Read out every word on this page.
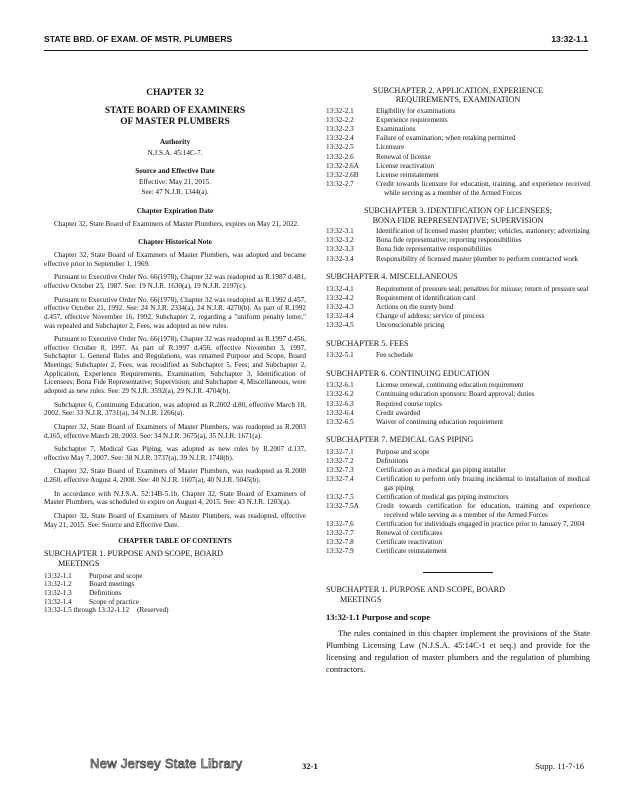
STATE BRD. OF EXAM. OF MSTR. PLUMBERS	13:32-1.1
CHAPTER 32
STATE BOARD OF EXAMINERS
OF MASTER PLUMBERS
Authority
N.J.S.A. 45:14C-7.
Source and Effective Date
Effective: May 21, 2015.
See: 47 N.J.R. 1344(a).
Chapter Expiration Date
Chapter 32, State Board of Examiners of Master Plumbers, expires on May 21, 2022.
Chapter Historical Note
Chapter 32, State Board of Examiners of Master Plumbers, was adopted and became effective prior to September 1, 1969.
Pursuant to Executive Order No. 66(1978), Chapter 32 was readopted as R.1987 d.481, effective October 23, 1987. See: 19 N.J.R. 1630(a), 19 N.J.R. 2197(c).
Pursuant to Executive Order No. 66(1978), Chapter 32 was readopted as R.1992 d.457, effective October 21, 1992. See: 24 N.J.R. 2334(a), 24 N.J.R. 4270(b). As part of R.1992 d.457, effective November 16, 1992, Subchapter 2, regarding a "uniform penalty letter," was repealed and Subchapter 2, Fees, was adopted as new rules.
Pursuant to Executive Order No. 66(1978), Chapter 32 was readopted as R.1997 d.456, effective October 8, 1997. As part of R.1997 d.456, effective November 3, 1997, Subchapter 1, General Rules and Regulations, was renamed Purpose and Scope, Board Meetings; Subchapter 2, Fees, was recodified as Subchapter 5, Fees; and Subchapter 2, Application, Experience Requirements, Examination; Subchapter 3, Identification of Licensees; Bona Fide Representative; Supervision; and Subchapter 4, Miscellaneous, were adopted as new rules. See: 29 N.J.R. 3592(a), 29 N.J.R. 4704(b).
Subchapter 6, Continuing Education, was adopted as R.2002 d.80, effective March 18, 2002. See: 33 N.J.R. 3731(a), 34 N.J.R. 1266(a).
Chapter 32, State Board of Examiners of Master Plumbers, was readopted as R.2003 d.165, effective March 28, 2003. See: 34 N.J.R. 3675(a), 35 N.J.R. 1671(a).
Subchapter 7, Medical Gas Piping, was adopted as new rules by R.2007 d.137, effective May 7, 2007. See: 38 N.J.R. 3737(a), 39 N.J.R. 1748(b).
Chapter 32, State Board of Examiners of Master Plumbers, was readopted as R.2008 d.260, effective August 4, 2008. See: 40 N.J.R. 1607(a), 40 N.J.R. 5045(b).
In accordance with N.J.S.A. 52:14B-5.1b, Chapter 32, State Board of Examiners of Master Plumbers, was scheduled to expire on August 4, 2015. See: 43 N.J.R. 1203(a).
Chapter 32, State Board of Examiners of Master Plumbers, was readopted, effective May 21, 2015. See: Source and Effective Date.
CHAPTER TABLE OF CONTENTS
SUBCHAPTER 1. PURPOSE AND SCOPE, BOARD
MEETINGS
13:32-1.1	Purpose and scope
13:32-1.2	Board meetings
13:32-1.3	Definitions
13:32-1.4	Scope of practice
13:32-1.5 through 13:32-1.12	(Reserved)
SUBCHAPTER 2. APPLICATION, EXPERIENCE
REQUIREMENTS, EXAMINATION
13:32-2.1	Eligibility for examinations
13:32-2.2	Experience requirements
13:32-2.3	Examinations
13:32-2.4	Failure of examination; when retaking permitted
13:32-2.5	Licensure
13:32-2.6	Renewal of license
13:32-2.6A	License reactivation
13:32-2.6B	License reinstatement
13:32-2.7	Credit towards licensure for education, training, and experience received while serving as a member of the Armed Forces
SUBCHAPTER 3. IDENTIFICATION OF LICENSEES;
BONA FIDE REPRESENTATIVE; SUPERVISION
13:32-3.1	Identification of licensed master plumber; vehicles, stationery; advertising
13:32-3.2	Bona fide representative; reporting responsibilities
13:32-3.3	Bona fide representative responsibilities
13:32-3.4	Responsibility of licensed master plumber to perform contracted work
SUBCHAPTER 4. MISCELLANEOUS
13:32-4.1	Requirement of pressure seal; penalties for misuse; return of pressure seal
13:32-4.2	Requirement of identification card
13:32-4.3	Actions on the surety bond
13:32-4.4	Change of address; service of process
13:32-4.5	Unconscionable pricing
SUBCHAPTER 5. FEES
13:32-5.1	Fee schedule
SUBCHAPTER 6. CONTINUING EDUCATION
13:32-6.1	License renewal, continuing education requirement
13:32-6.2	Continuing education sponsors; Board approval; duties
13:32-6.3	Required course topics
13:32-6.4	Credit awarded
13:32-6.5	Waiver of continuing education requirement
SUBCHAPTER 7. MEDICAL GAS PIPING
13:32-7.1	Purpose and scope
13:32-7.2	Definitions
13:32-7.3	Certification as a medical gas piping installer
13:32-7.4	Certification to perform only brazing incidental to installation of medical gas piping
13:32-7.5	Certification of medical gas piping instructors
13:32-7.5A	Credit towards certification for education, training and experience received while serving as a member of the Armed Forces
13:32-7.6	Certification for individuals engaged in practice prior to January 7, 2004
13:32-7.7	Renewal of certificates
13:32-7.8	Certificate reactivation
13:32-7.9	Certificate reinstatement
SUBCHAPTER 1. PURPOSE AND SCOPE, BOARD
MEETINGS
13:32-1.1 Purpose and scope
The rules contained in this chapter implement the provisions of the State Plumbing Licensing Law (N.J.S.A. 45:14C-1 et seq.) and provide for the licensing and regulation of master plumbers and the regulation of plumbing contractors.
New Jersey State Library	32-1	Supp. 11-7-16
